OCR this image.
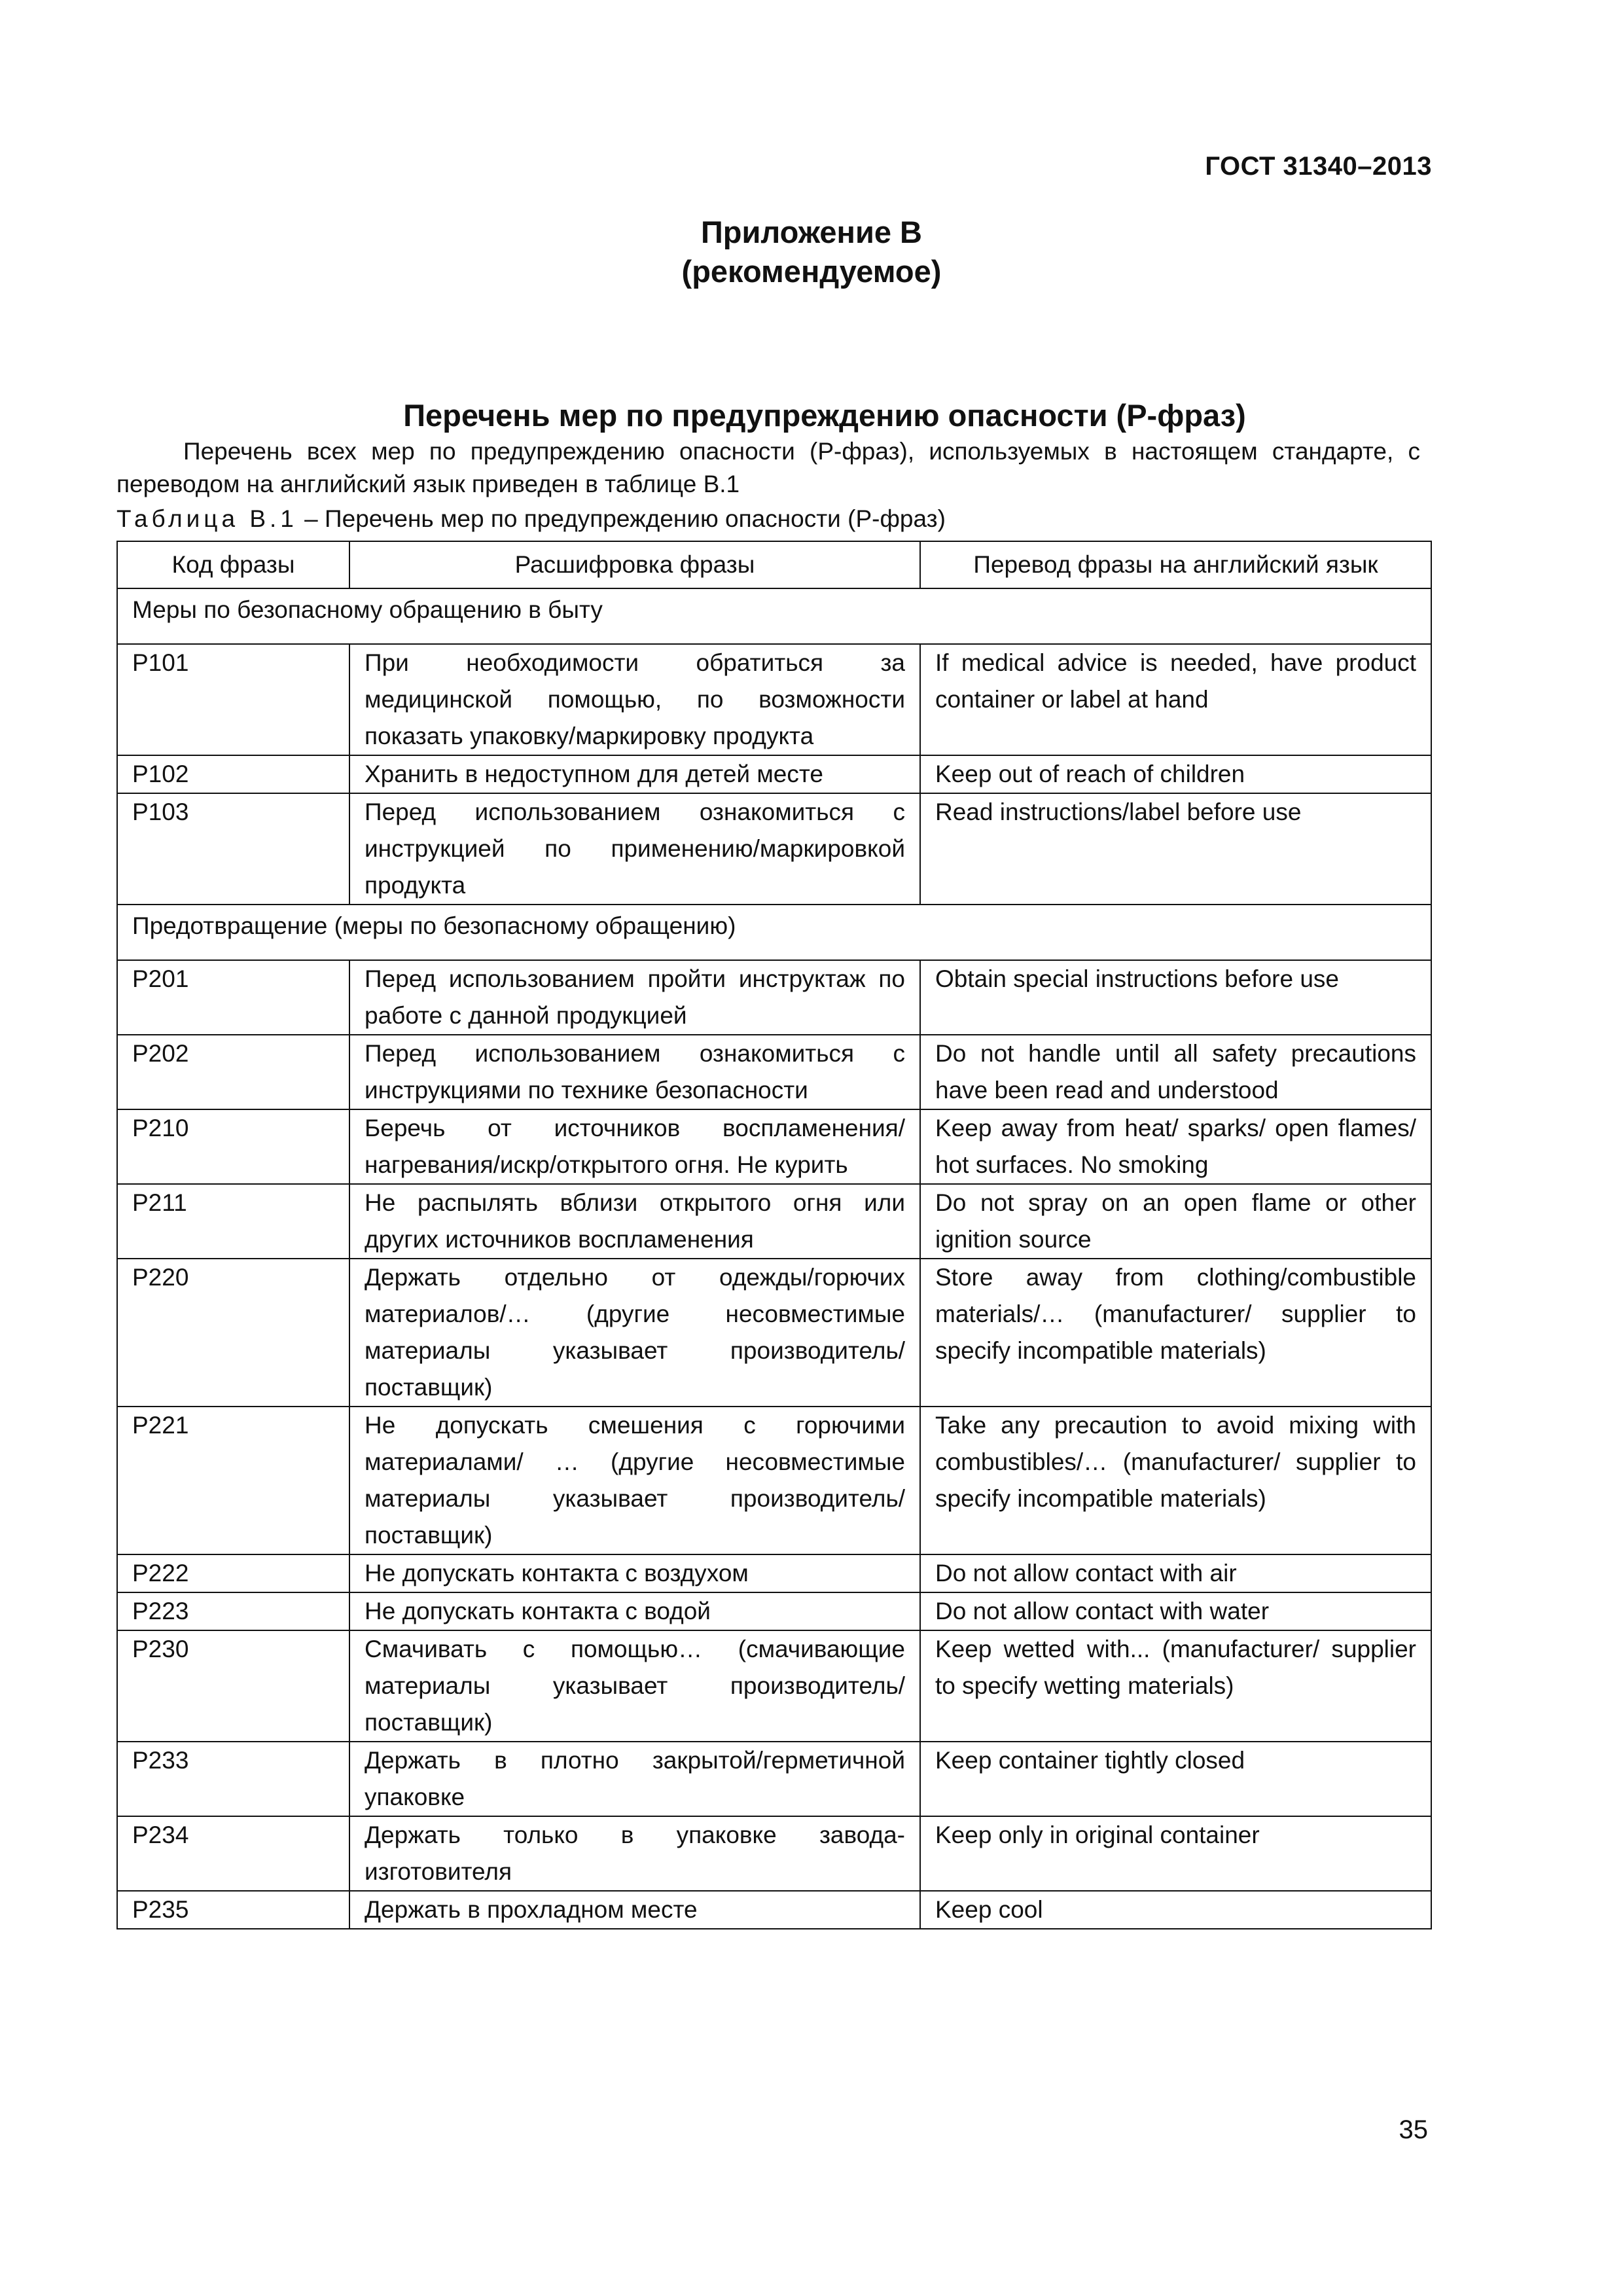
ГОСТ 31340–2013
Приложение В
(рекомендуемое)
Перечень мер по предупреждению опасности (Р-фраз)
Перечень всех мер по предупреждению опасности (Р-фраз), используемых в настоящем стандарте, с переводом на английский язык приведен в таблице В.1
Таблица В.1 – Перечень мер по предупреждению опасности (Р-фраз)
Код фразы	Расшифровка фразы	Перевод фразы на английский язык
Меры по безопасному обращению в быту		
Р101	При необходимости обратиться за медицинской помощью, по возможности показать упаковку/маркировку продукта	If medical advice is needed, have product container or label at hand
Р102	Хранить в недоступном для детей месте	Keep out of reach of children
Р103	Перед использованием ознакомиться с инструкцией по применению/маркировкой продукта	Read instructions/label before use
Предотвращение (меры по безопасному обращению)		
Р201	Перед использованием пройти инструктаж по работе с данной продукцией	Obtain special instructions before use
Р202	Перед использованием ознакомиться с инструкциями по технике безопасности	Do not handle until all safety precautions have been read and understood
Р210	Беречь от источников воспламенения/ нагревания/искр/открытого огня. Не курить	Keep away from heat/ sparks/ open flames/ hot surfaces. No smoking
Р211	Не распылять вблизи открытого огня или других источников воспламенения	Do not spray on an open flame or other ignition source
Р220	Держать отдельно от одежды/горючих материалов/… (другие несовместимые материалы указывает производитель/ поставщик)	Store away from clothing/combustible materials/… (manufacturer/ supplier to specify incompatible materials)
Р221	Не допускать смешения с горючими материалами/ … (другие несовместимые материалы указывает производитель/ поставщик)	Take any precaution to avoid mixing with combustibles/… (manufacturer/ supplier to specify incompatible materials)
Р222	Не допускать контакта с воздухом	Do not allow contact with air
Р223	Не допускать контакта с водой	Do not allow contact with water
Р230	Смачивать с помощью… (смачивающие материалы указывает производитель/ поставщик)	Keep wetted with... (manufacturer/ supplier to specify wetting materials)
Р233	Держать в плотно закрытой/герметичной упаковке	Keep container tightly closed
Р234	Держать только в упаковке завода-изготовителя	Keep only in original container
Р235	Держать в прохладном месте	Keep cool
35
